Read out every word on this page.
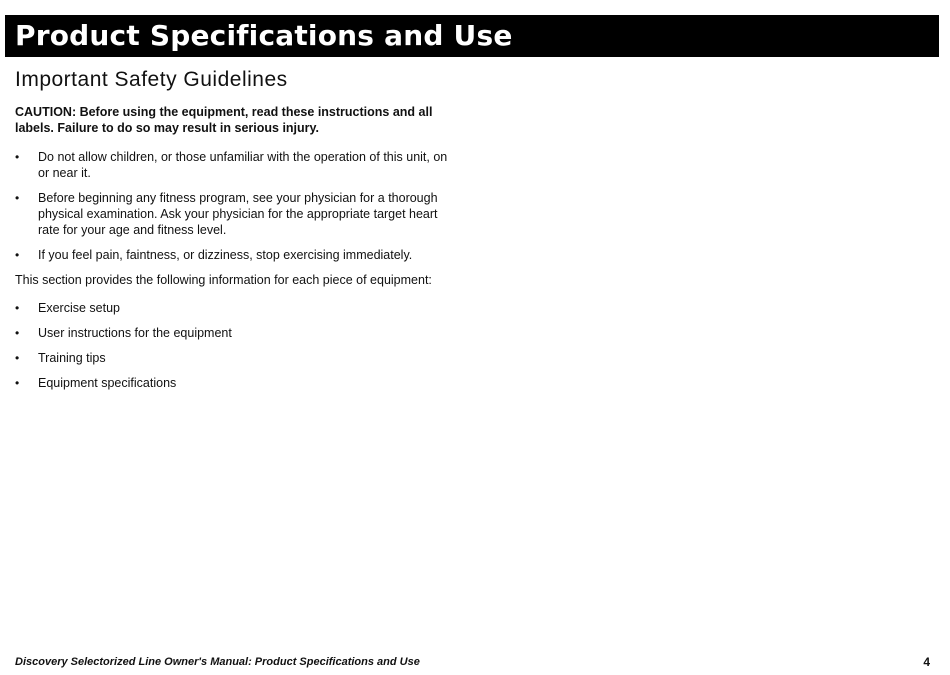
Product Specifications and Use
Important Safety Guidelines

CAUTION: Before using the equipment, read these instructions and all labels. Failure to do so may result in serious injury.

•	Do not allow children, or those unfamiliar with the operation of this unit, on or near it.
•	Before beginning any fitness program, see your physician for a thorough physical examination. Ask your physician for the appropriate target heart rate for your age and fitness level.
•	If you feel pain, faintness, or dizziness, stop exercising immediately.

This section provides the following information for each piece of equipment:

•	Exercise setup
•	User instructions for the equipment
•	Training tips
•	Equipment specifications

Discovery Selectorized Line Owner's Manual: Product Specifications and Use	4
